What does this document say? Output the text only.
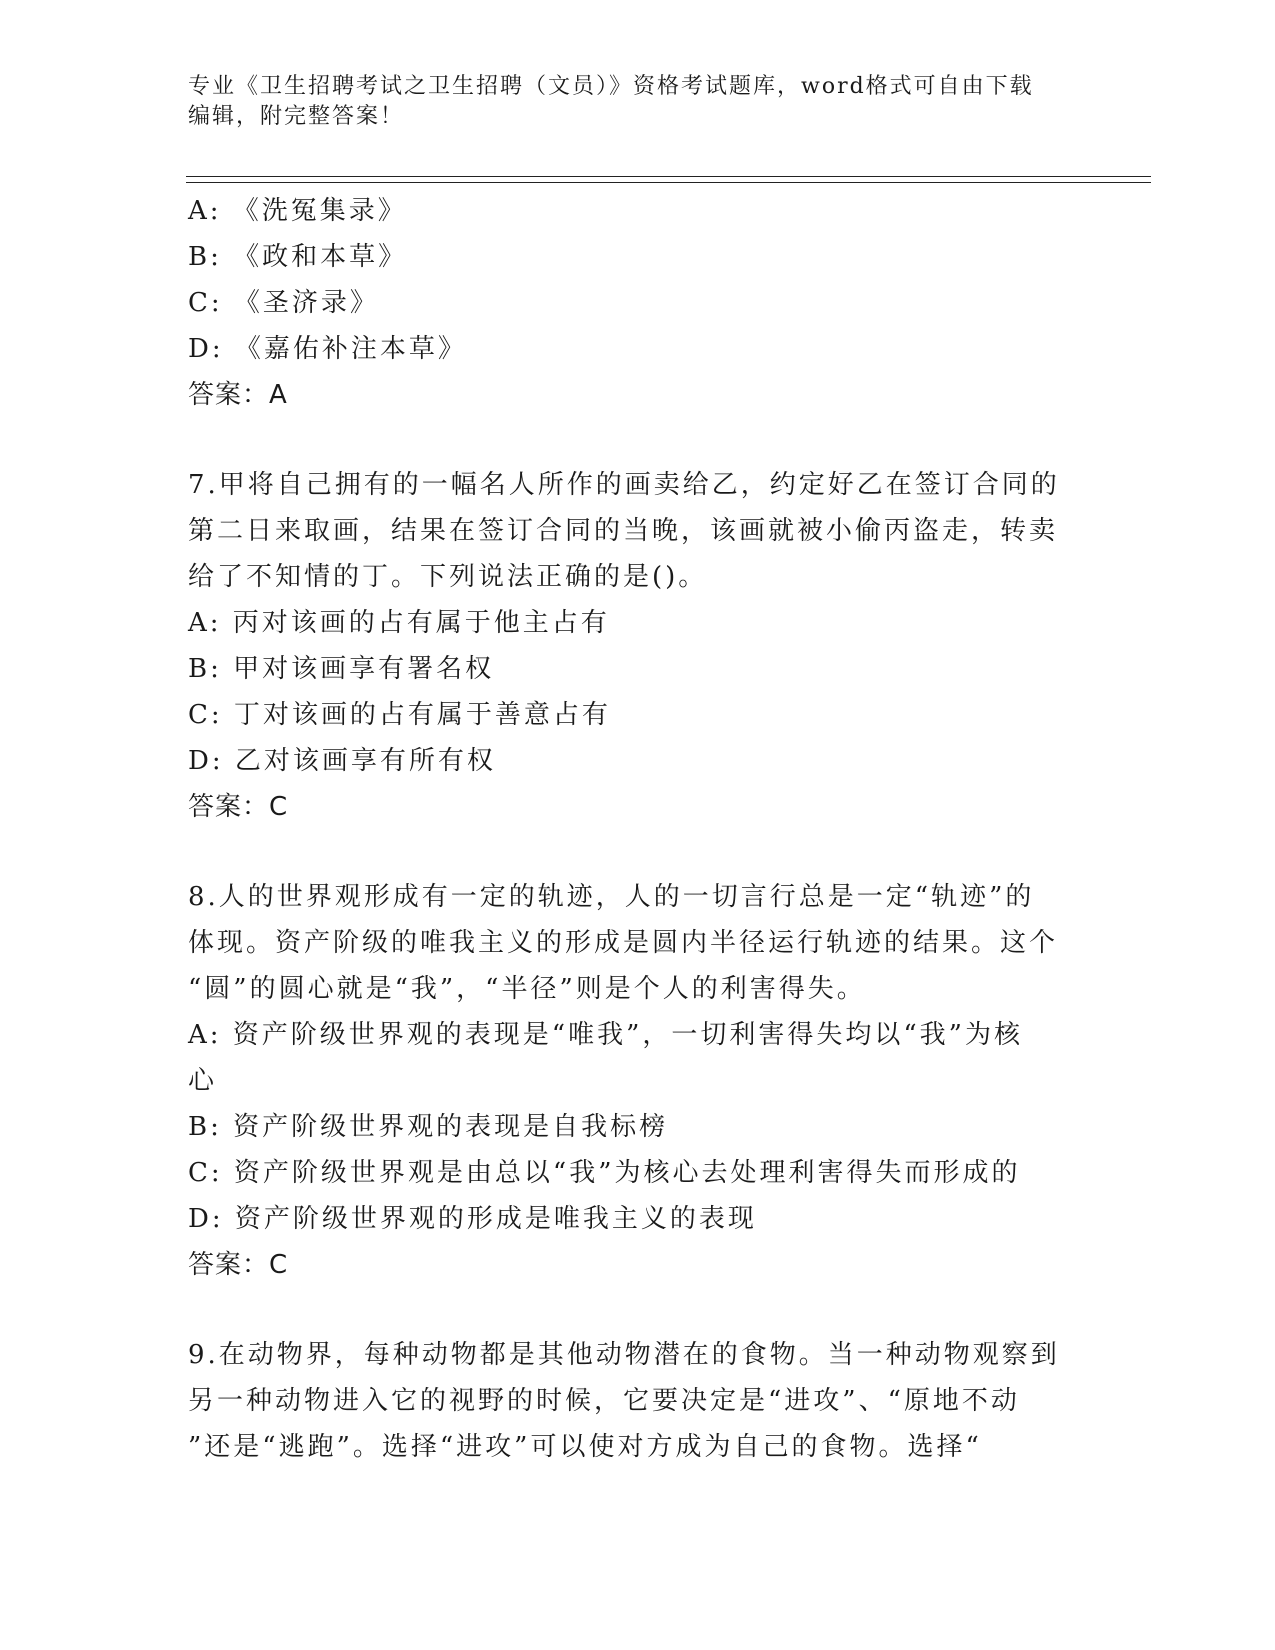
专业《卫生招聘考试之卫生招聘（文员）》资格考试题库，word格式可自由下载
编辑，附完整答案！
A: 《洗冤集录》
B: 《政和本草》
C: 《圣济录》
D: 《嘉佑补注本草》
答案：A
7.甲将自己拥有的一幅名人所作的画卖给乙，约定好乙在签订合同的
第二日来取画，结果在签订合同的当晚，该画就被小偷丙盗走，转卖
给了不知情的丁。下列说法正确的是()。
A: 丙对该画的占有属于他主占有
B: 甲对该画享有署名权
C: 丁对该画的占有属于善意占有
D: 乙对该画享有所有权
答案：C
8.人的世界观形成有一定的轨迹，人的一切言行总是一定“轨迹”的
体现。资产阶级的唯我主义的形成是圆内半径运行轨迹的结果。这个
“圆”的圆心就是“我”，“半径”则是个人的利害得失。
A: 资产阶级世界观的表现是“唯我”，一切利害得失均以“我”为核
心
B: 资产阶级世界观的表现是自我标榜
C: 资产阶级世界观是由总以“我”为核心去处理利害得失而形成的
D: 资产阶级世界观的形成是唯我主义的表现
答案：C
9.在动物界，每种动物都是其他动物潜在的食物。当一种动物观察到
另一种动物进入它的视野的时候，它要决定是“进攻”、“原地不动
”还是“逃跑”。选择“进攻”可以使对方成为自己的食物。选择“
